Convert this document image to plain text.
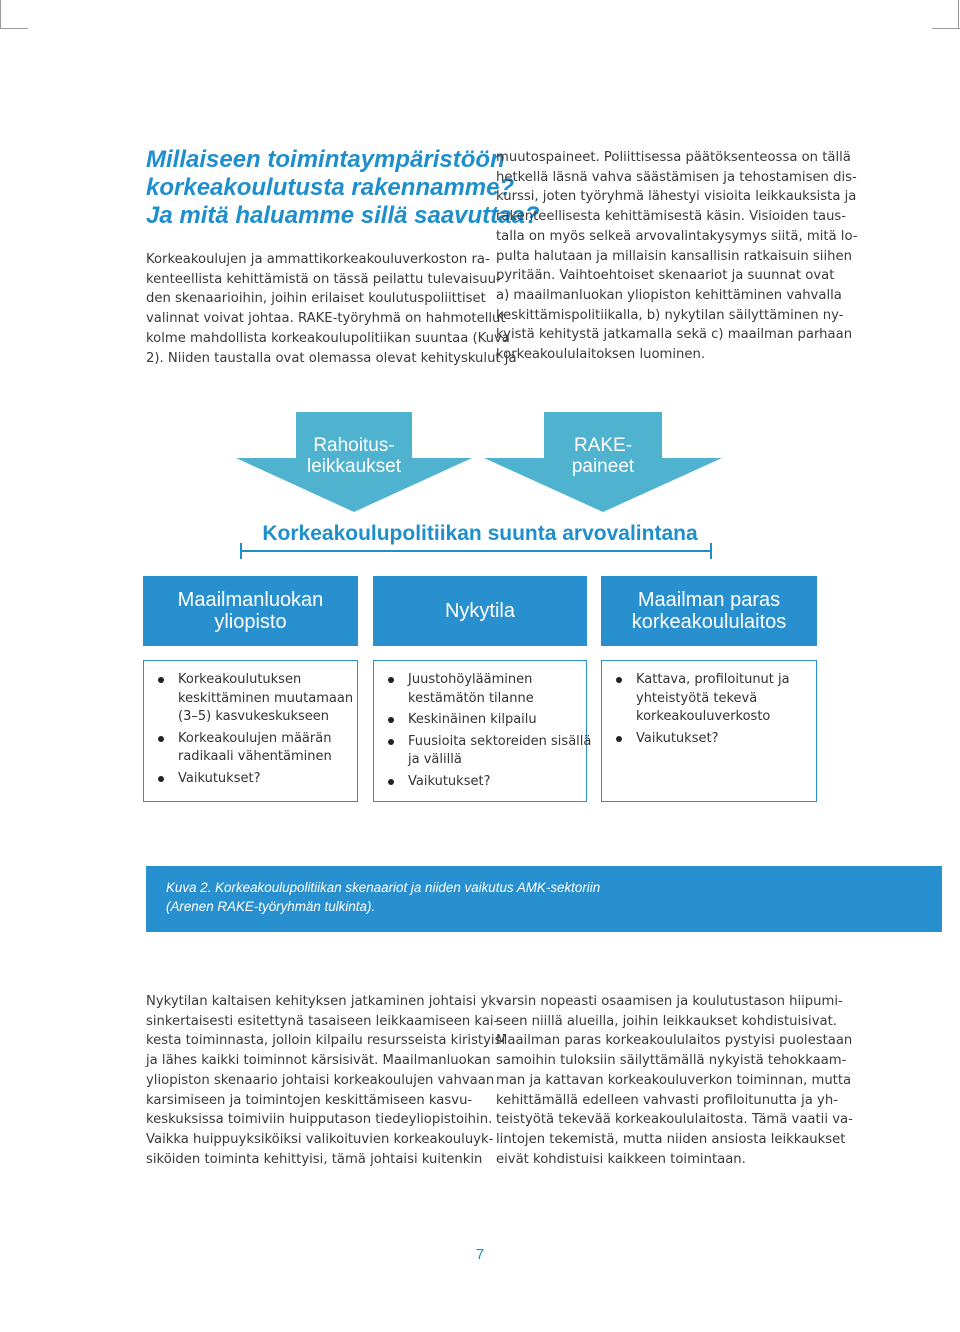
Millaiseen toimintaympäristöön
korkeakoulutusta rakennamme?
Ja mitä haluamme sillä saavuttaa?
Korkeakoulujen ja ammattikorkeakouluverkoston ra-
kenteellista kehittämistä on tässä peilattu tulevaisuu-
den skenaarioihin, joihin erilaiset koulutuspoliittiset
valinnat voivat johtaa. RAKE-työryhmä on hahmotellut
kolme mahdollista korkeakoulupolitiikan suuntaa (Kuva
2). Niiden taustalla ovat olemassa olevat kehityskulut ja
muutospaineet. Poliittisessa päätöksenteossa on tällä
hetkellä läsnä vahva säästämisen ja tehostamisen dis-
kurssi, joten työryhmä lähestyi visioita leikkauksista ja
rakenteellisesta kehittämisestä käsin. Visioiden taus-
talla on myös selkeä arvovalintakysymys siitä, mitä lo-
pulta halutaan ja millaisin kansallisin ratkaisuin siihen
pyritään. Vaihtoehtoiset skenaariot ja suunnat ovat
a) maailmanluokan yliopiston kehittäminen vahvalla
keskittämispolitiikalla, b) nykytilan säilyttäminen ny-
kyistä kehitystä jatkamalla sekä c) maailman parhaan
korkeakoululaitoksen luominen.
Rahoitus-
leikkaukset
RAKE-
paineet
Korkeakoulupolitiikan suunta arvovalintana
Maailmanluokan
yliopisto	Nykytila	Maailman paras
korkeakoululaitos
Korkeakoulutuksen
keskittäminen muutamaan
(3–5) kasvukeskukseen
Korkeakoulujen määrän
radikaali vähentäminen
Vaikutukset?
Juustohöylääminen
kestämätön tilanne
Keskinäinen kilpailu
Fuusioita sektoreiden sisällä
ja välillä
Vaikutukset?
Kattava, profiloitunut ja
yhteistyötä tekevä
korkeakouluverkosto
Vaikutukset?

Kuva 2. Korkeakoulupolitiikan skenaariot ja niiden vaikutus AMK-sektoriin
(Arenen RAKE-työryhmän tulkinta).

Nykytilan kaltaisen kehityksen jatkaminen johtaisi yk-
sinkertaisesti esitettynä tasaiseen leikkaamiseen kai-
kesta toiminnasta, jolloin kilpailu resursseista kiristyisi
ja lähes kaikki toiminnot kärsisivät. Maailmanluokan
yliopiston skenaario johtaisi korkeakoulujen vahvaan
karsimiseen ja toimintojen keskittämiseen kasvu-
keskuksissa toimiviin huipputason tiedeyliopistoihin.
Vaikka huippuyksiköiksi valikoituvien korkeakouluyk-
siköiden toiminta kehittyisi, tämä johtaisi kuitenkin
varsin nopeasti osaamisen ja koulutustason hiipumi-
seen niillä alueilla, joihin leikkaukset kohdistuisivat.
Maailman paras korkeakoululaitos pystyisi puolestaan
samoihin tuloksiin säilyttämällä nykyistä tehokkaam-
man ja kattavan korkeakouluverkon toiminnan, mutta
kehittämällä edelleen vahvasti profiloitunutta ja yh-
teistyötä tekevää korkeakoululaitosta. Tämä vaatii va-
lintojen tekemistä, mutta niiden ansiosta leikkaukset
eivät kohdistuisi kaikkeen toimintaan.
7
